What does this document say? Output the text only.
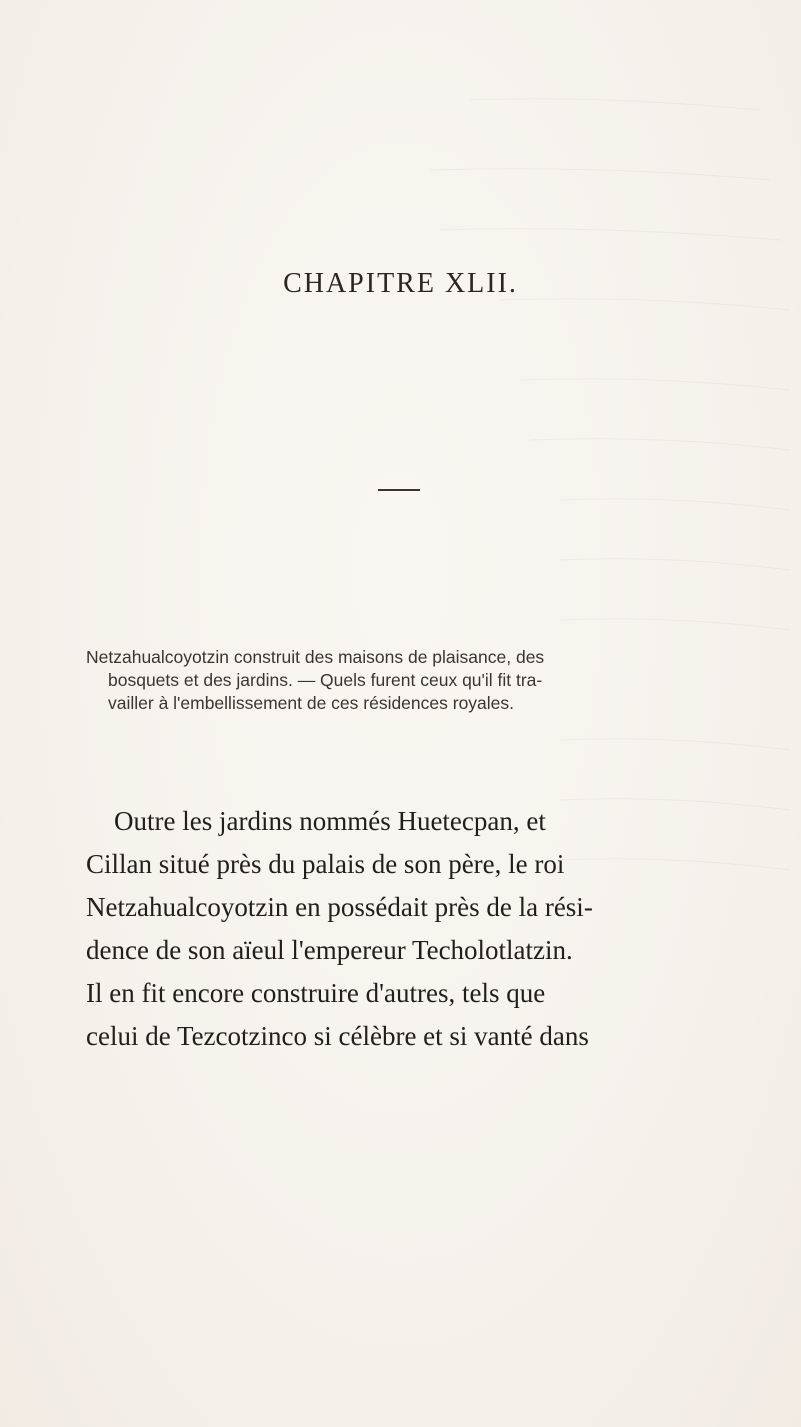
CHAPITRE XLII.

Netzahualcoyotzin construit des maisons de plaisance, des
bosquets et des jardins. — Quels furent ceux qu'il fit tra-
vailler à l'embellissement de ces résidences royales.

Outre les jardins nommés Huetecpan, et
Cillan situé près du palais de son père, le roi
Netzahualcoyotzin en possédait près de la rési-
dence de son aïeul l'empereur Techolotlatzin.
Il en fit encore construire d'autres, tels que
celui de Tezcotzinco si célèbre et si vanté dans
